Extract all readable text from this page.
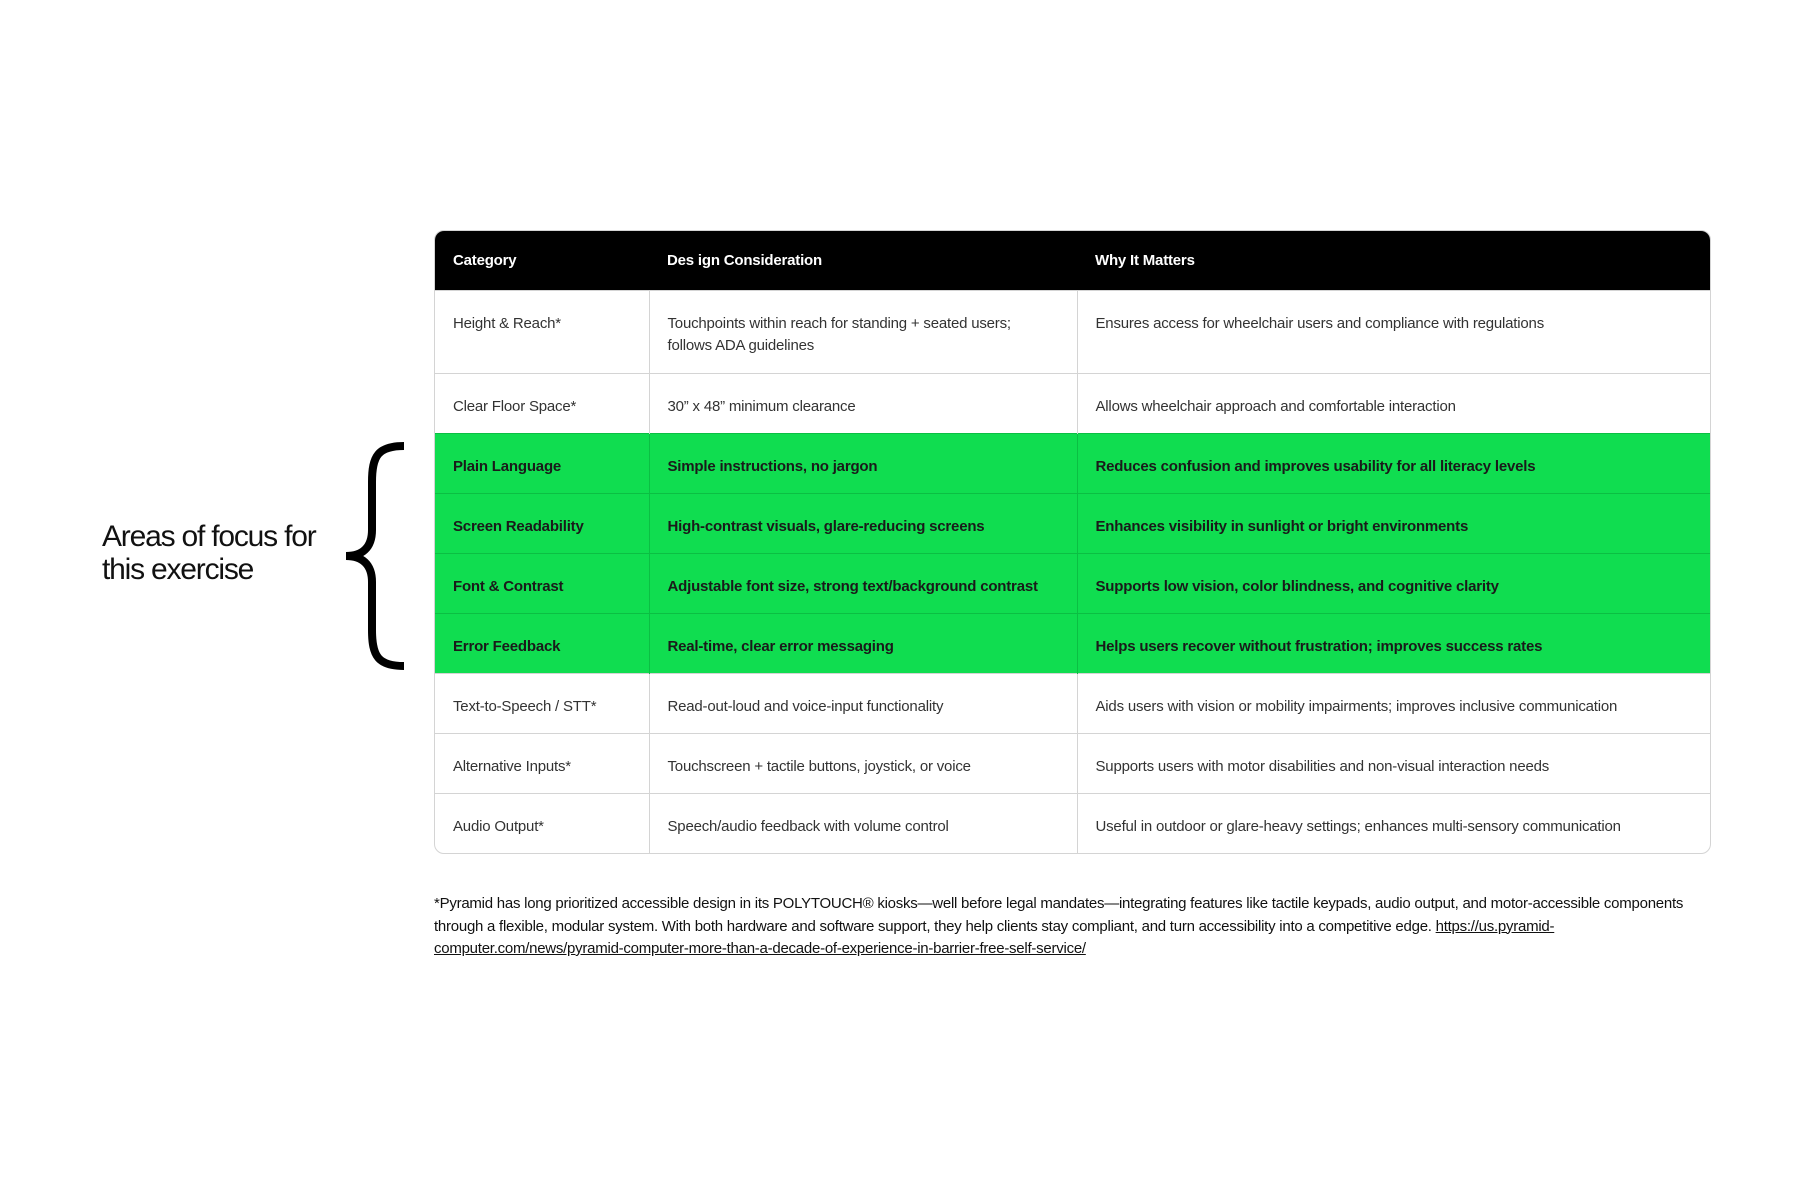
Areas of focus for this exercise
Category	Des ign Consideration	Why It Matters
Height & Reach*	Touchpoints within reach for standing + seated users; follows ADA guidelines	Ensures access for wheelchair users and compliance with regulations
Clear Floor Space*	30” x 48” minimum clearance	Allows wheelchair approach and comfortable interaction
Plain Language	Simple instructions, no jargon	Reduces confusion and improves usability for all literacy levels
Screen Readability	High-contrast visuals, glare-reducing screens	Enhances visibility in sunlight or bright environments
Font & Contrast	Adjustable font size, strong text/background contrast	Supports low vision, color blindness, and cognitive clarity
Error Feedback	Real-time, clear error messaging	Helps users recover without frustration; improves success rates
Text-to-Speech / STT*	Read-out-loud and voice-input functionality	Aids users with vision or mobility impairments; improves inclusive communication
Alternative Inputs*	Touchscreen + tactile buttons, joystick, or voice	Supports users with motor disabilities and non-visual interaction needs
Audio Output*	Speech/audio feedback with volume control	Useful in outdoor or glare-heavy settings; enhances multi-sensory communication
*Pyramid has long prioritized accessible design in its POLYTOUCH® kiosks—well before legal mandates—integrating features like tactile keypads, audio output, and motor-accessible components through a flexible, modular system. With both hardware and software support, they help clients stay compliant, and turn accessibility into a competitive edge. https://us.pyramid-computer.com/news/pyramid-computer-more-than-a-decade-of-experience-in-barrier-free-self-service/
